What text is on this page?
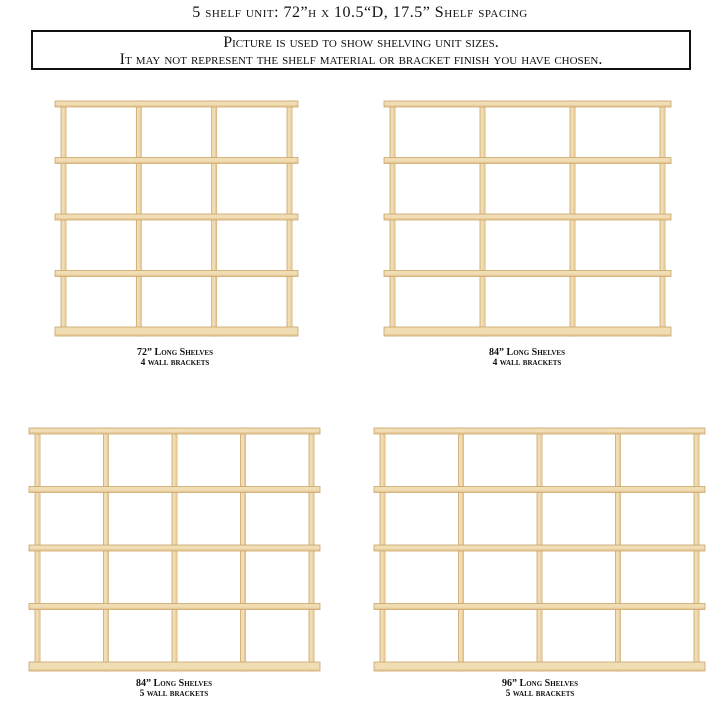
5 shelf unit: 72”h x 10.5“D, 17.5” Shelf spacing
Picture is used to show shelving unit sizes.
It may not represent the shelf material or bracket finish you have chosen.
72” Long Shelves
4 wall brackets
84” Long Shelves
4 wall brackets
84” Long Shelves
5 wall brackets
96” Long Shelves
5 wall brackets
